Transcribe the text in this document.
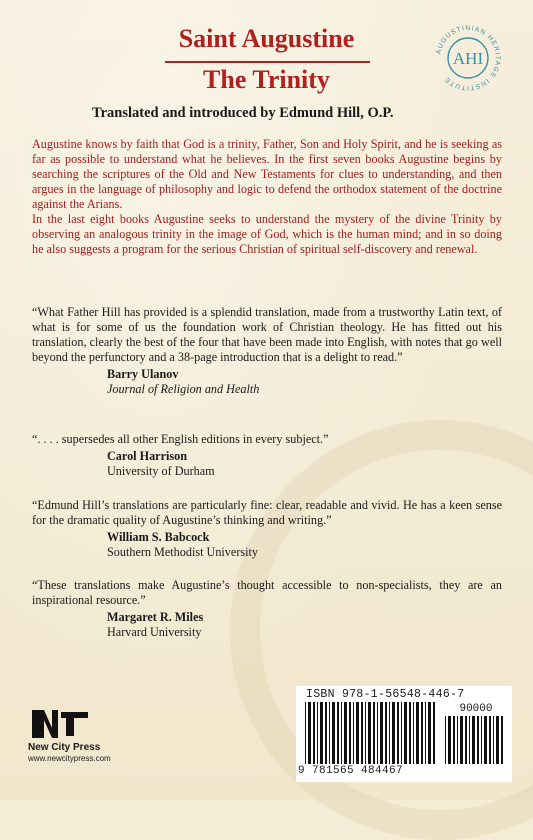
Saint Augustine
The Trinity
AUGUSTINIAN HERITAGE INSTITUTE
AHI
Translated and introduced by Edmund Hill, O.P.

Augustine knows by faith that God is a trinity, Father, Son and Holy Spirit, and he is seeking as far as possible to understand what he believes. In the first seven books Augustine begins by searching the scriptures of the Old and New Testaments for clues to understanding, and then argues in the language of philosophy and logic to defend the orthodox statement of the doctrine against the Arians.

In the last eight books Augustine seeks to understand the mystery of the divine Trinity by observing an analogous trinity in the image of God, which is the human mind; and in so doing he also suggests a program for the serious Christian of spiritual self-discovery and renewal.

“What Father Hill has provided is a splendid translation, made from a trustworthy Latin text, of what is for some of us the foundation work of Christian theology. He has fitted out his translation, clearly the best of the four that have been made into English, with notes that go well beyond the perfunctory and a 38-page introduction that is a delight to read.”

Barry Ulanov
Journal of Religion and Health

“. . . . supersedes all other English editions in every subject.”

Carol Harrison
University of Durham

“Edmund Hill’s translations are particularly fine: clear, readable and vivid. He has a keen sense for the dramatic quality of Augustine’s thinking and writing.”

William S. Babcock
Southern Methodist University

“These translations make Augustine’s thought accessible to non-specialists, they are an inspirational resource.”

Margaret R. Miles
Harvard University
New City Press
www.newcitypress.com
ISBN 978-1-56548-446-7
90000
9 781565 484467
